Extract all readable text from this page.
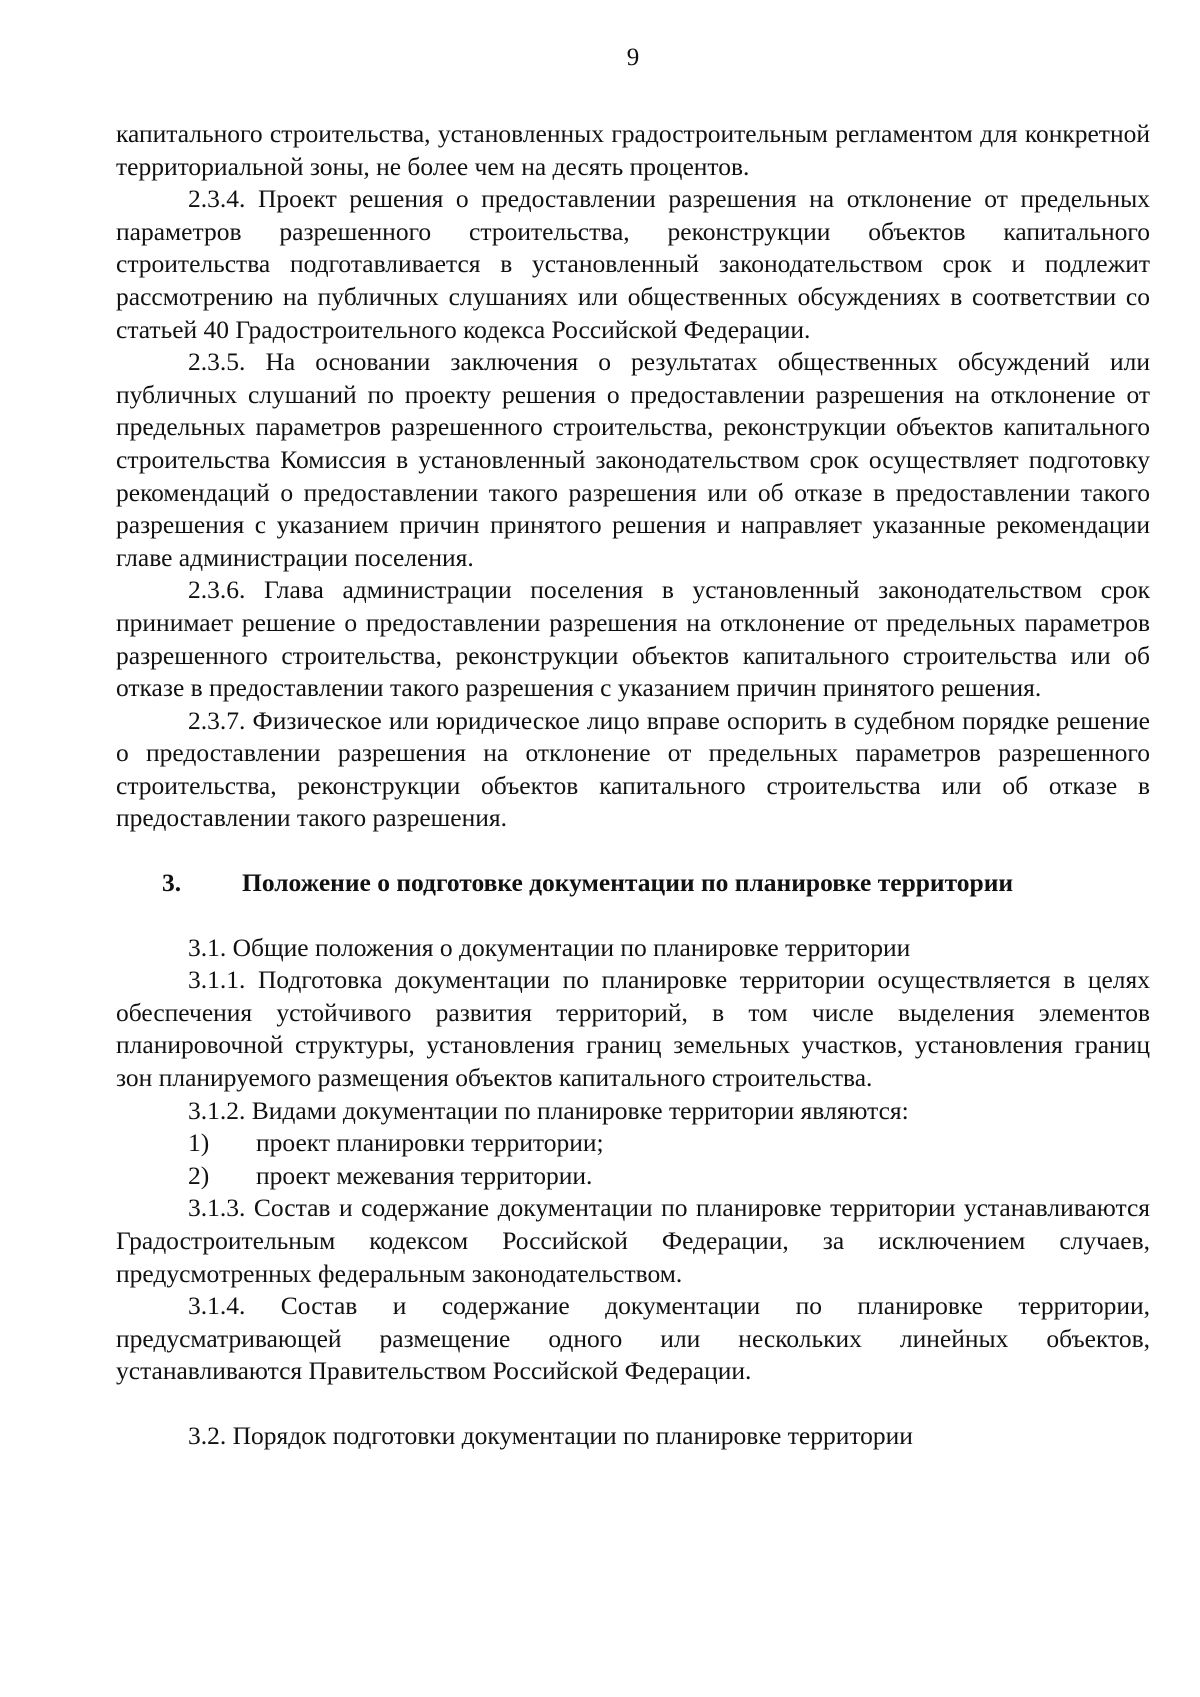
9

капитального строительства, установленных градостроительным регламентом для конкретной территориальной зоны, не более чем на десять процентов.

2.3.4. Проект решения о предоставлении разрешения на отклонение от предельных параметров разрешенного строительства, реконструкции объектов капитального строительства подготавливается в установленный законодательством срок и подлежит рассмотрению на публичных слушаниях или общественных обсуждениях в соответствии со статьей 40 Градостроительного кодекса Российской Федерации.

2.3.5. На основании заключения о результатах общественных обсуждений или публичных слушаний по проекту решения о предоставлении разрешения на отклонение от предельных параметров разрешенного строительства, реконструкции объектов капитального строительства Комиссия в установленный законодательством срок осуществляет подготовку рекомендаций о предоставлении такого разрешения или об отказе в предоставлении такого разрешения с указанием причин принятого решения и направляет указанные рекомендации главе администрации поселения.

2.3.6. Глава администрации поселения в установленный законодательством срок принимает решение о предоставлении разрешения на отклонение от предельных параметров разрешенного строительства, реконструкции объектов капитального строительства или об отказе в предоставлении такого разрешения с указанием причин принятого решения.

2.3.7. Физическое или юридическое лицо вправе оспорить в судебном порядке решение о предоставлении разрешения на отклонение от предельных параметров разрешенного строительства, реконструкции объектов капитального строительства или об отказе в предоставлении такого разрешения.

3.	Положение о подготовке документации по планировке территории

3.1. Общие положения о документации по планировке территории

3.1.1. Подготовка документации по планировке территории осуществляется в целях обеспечения устойчивого развития территорий, в том числе выделения элементов планировочной структуры, установления границ земельных участков, установления границ зон планируемого размещения объектов капитального строительства.

3.1.2. Видами документации по планировке территории являются:

1)	проект планировки территории;
2)	проект межевания территории.

3.1.3. Состав и содержание документации по планировке территории устанавливаются Градостроительным кодексом Российской Федерации, за исключением случаев, предусмотренных федеральным законодательством.

3.1.4. Состав и содержание документации по планировке территории, предусматривающей размещение одного или нескольких линейных объектов, устанавливаются Правительством Российской Федерации.

3.2. Порядок подготовки документации по планировке территории
